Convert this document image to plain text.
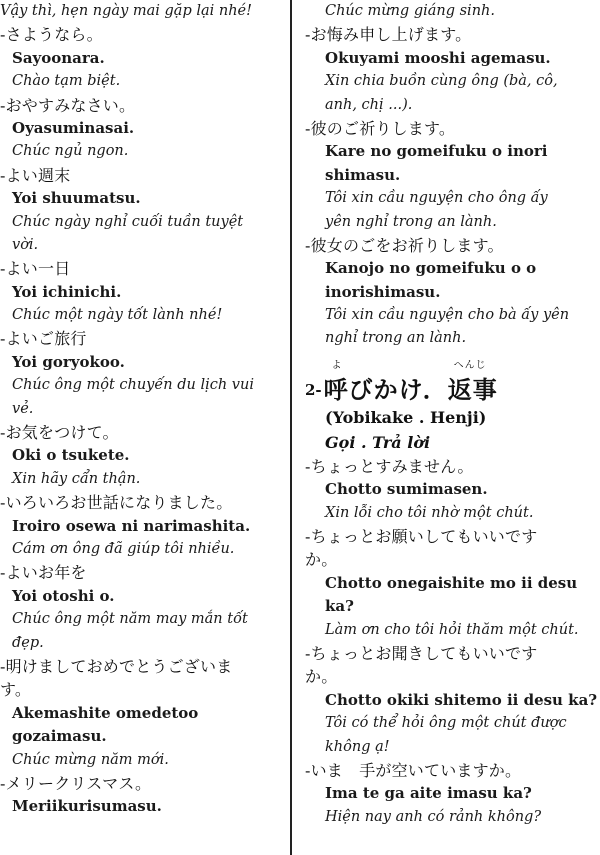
Vậy thì, hẹn ngày mai gặp lại nhé!
-さようなら。
Sayoonara.
Chào tạm biệt.
-おやすみなさい。
Oyasuminasai.
Chúc ngủ ngon.
-よい週末
Yoi shuumatsu.
Chúc ngày nghỉ cuối tuần tuyệt
vời.
-よい一日
Yoi ichinichi.
Chúc một ngày tốt lành nhé!
-よいご旅行
Yoi goryokoo.
Chúc ông một chuyến du lịch vui
vẻ.
-お気をつけて。
Oki o tsukete.
Xin hãy cẩn thận.
-いろいろお世話になりました。
Iroiro osewa ni narimashita.
Cám ơn ông đã giúp tôi nhiều.
-よいお年を
Yoi otoshi o.
Chúc ông một năm may mắn tốt
đẹp.
-明けましておめでとうございま
す。
Akemashite omedetoo
gozaimasu.
Chúc mừng năm mới.
-メリークリスマス。
Meriikurisumasu.
Chúc mừng giáng sinh.
-お悔み申し上げます。
Okuyami mooshi agemasu.
Xin chia buồn cùng ông (bà, cô,
anh, chị ...).
-彼のご祈りします。
Kare no gomeifuku o inori
shimasu.
Tôi xin cầu nguyện cho ông ấy
yên nghỉ trong an lành.
-彼女のごをお祈りします。
Kanojo no gomeifuku o o
inorishimasu.
Tôi xin cầu nguyện cho bà ấy yên
nghỉ trong an lành.
2-
よ	へんじ
呼びかけ．返事
(Yobikake . Henji)
Gọi . Trả lời
-ちょっとすみません。
Chotto sumimasen.
Xin lỗi cho tôi nhờ một chút.
-ちょっとお願いしてもいいです
か。
Chotto onegaishite mo ii desu
ka?
Làm ơn cho tôi hỏi thăm một chút.
-ちょっとお聞きしてもいいです
か。
Chotto okiki shitemo ii desu ka?
Tôi có thể hỏi ông một chút được
không ạ!
-いま　手が空いていますか。
Ima te ga aite imasu ka?
Hiện nay anh có rảnh không?
